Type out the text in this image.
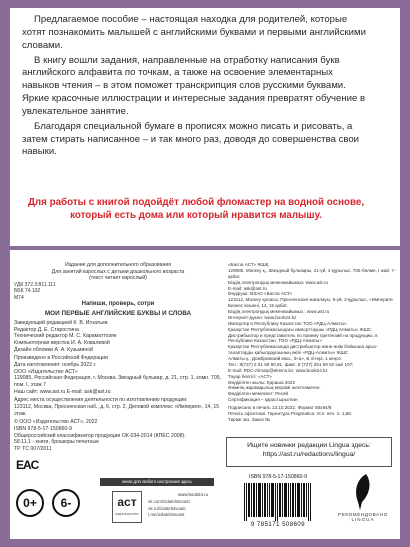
Предлагаемое пособие – настоящая находка для родителей, которые хотят познакомить малышей с английскими буквами и первыми английскими словами.

В книгу вошли задания, направленные на отработку написания букв английского алфавита по точкам, а также на освоение элементарных навыков чтения – в этом поможет транскрипция слов русскими буквами. Яркие красочные иллюстрации и интересные задания превратят обучение в увлекательное занятие.

Благодаря специальной бумаге в прописях можно писать и рисовать, а затем стирать написанное – и так много раз, доводя до совершенства свои навыки.

Для работы с книгой подойдёт любой фломастер на водной основе, который есть дома или который нравится малышу.
Издание для дополнительного образования
Для занятий взрослых с детьми дошкольного возраста
(текст читает взрослый)
УДК 372.3:811.111
ББК 74.102
М74
Напиши, проверь, сотри
МОИ ПЕРВЫЕ АНГЛИЙСКИЕ БУКВЫ И СЛОВА
Заведующий редакцией К. В. Игнатьев
Редактор Д. Е. Старостина
Технический редактор М. С. Караматтозян
Компьютерная верстка И. А. Ковалевой
Дизайн обложки А. А. Кузьминой
Произведено в Российской Федерации
Дата изготовления: ноябрь 2022 г.
ООО «Издательство АСТ»
129085, Российская Федерация, г. Москва, Звездный бульвар, д. 21, стр. 1, комн. 705, пом. I, этаж 7
Наш сайт: www.ast.ru E-mail: ask@ast.ru
Адрес места осуществления деятельности по изготовлению продукции:
123112, Москва, Пресненская наб., д. 6, стр. 2, Деловой комплекс «Империя», 14, 15 этаж.
© ООО «Издательство АСТ», 2022
ISBN 978-5-17-150860-9
Общероссийский классификатор продукции ОК-034-2014 (КПЕС 2008):
58.11.1 - книги, брошюры печатные
ТР ТС 007/2011
«Баспа АСТ» ЖШҚ
129085, Мәскеу қ., Звездный бульвары, 21-үй, 1-құрылыс, 705-бөлме, I жай, 7-қабат.
Біздің электрондық мекенжайымыз: www.ast.ru
E-mail: ask@ast.ru
Өндіруші: ӨЗАО «Баспа АСТ»
123112, Мәскеу қаласы, Пресненская жағалауы, 6-үй, 2-құрылыс, «Империя» Бизнес кешені, 14, 15 қабат.
Біздің электрондық мекенжайымыз : www.ast.ru
Интернет-дүкен: www.book24.kz
Импортер в Республику Казахстан ТОО «РДЦ-Алматы».
Қазақстан Республикасындағы импорттаушы «РДЦ-Алматы» ЖШС.
Дистрибьютор и представитель по приему претензий на продукцию, в Республике Казахстан: ТОО «РДЦ-Алматы»
Қазақстан Республикасында дистрибьютор және өнім бойынша арыз-талаптарды қабылдаушының өкілі «РДЦ-Алматы» ЖШС
Алматы қ., Домбровский көш., 3«а», Б літері, 1 кеңсе.
Тел.: 8(727) 2 51 59 90,91, факс: 8 (727) 251 59 92 ішкі 107;
E-mail: RDC-Almaty@eksmo.kz, www.book24.kz
Тауар белгісі: «АСТ»
Өндірілген жылы: Қараша 2022
Өнімнің жарамдылық мерзімі шектелмеген.
Өндірілген мемлекет: Ресей
Сертификация – қарастырылған
Подписано в печать 13.10.2022. Формат 60x84/8
Печать офсетная. Гарнитура Pragmatica. Усл. печ. л. 1,86.
Тираж экз. Заказ №
Ищите новинки редакции Lingua здесь:
https://ast.ru/redactions/lingua/
EAC
0+	6-
книги для любого настроения здесь
аст
ИЗДАТЕЛЬСТВО
www.book24.ru
vk.com/izdatelstvoast
ok.ru/izdatelstvoast
t.me/izdatelstvoast
ISBN 978-5-17-150860-9
9 785171 508609
РЕКОМЕНДОВАНО
LINGUA
